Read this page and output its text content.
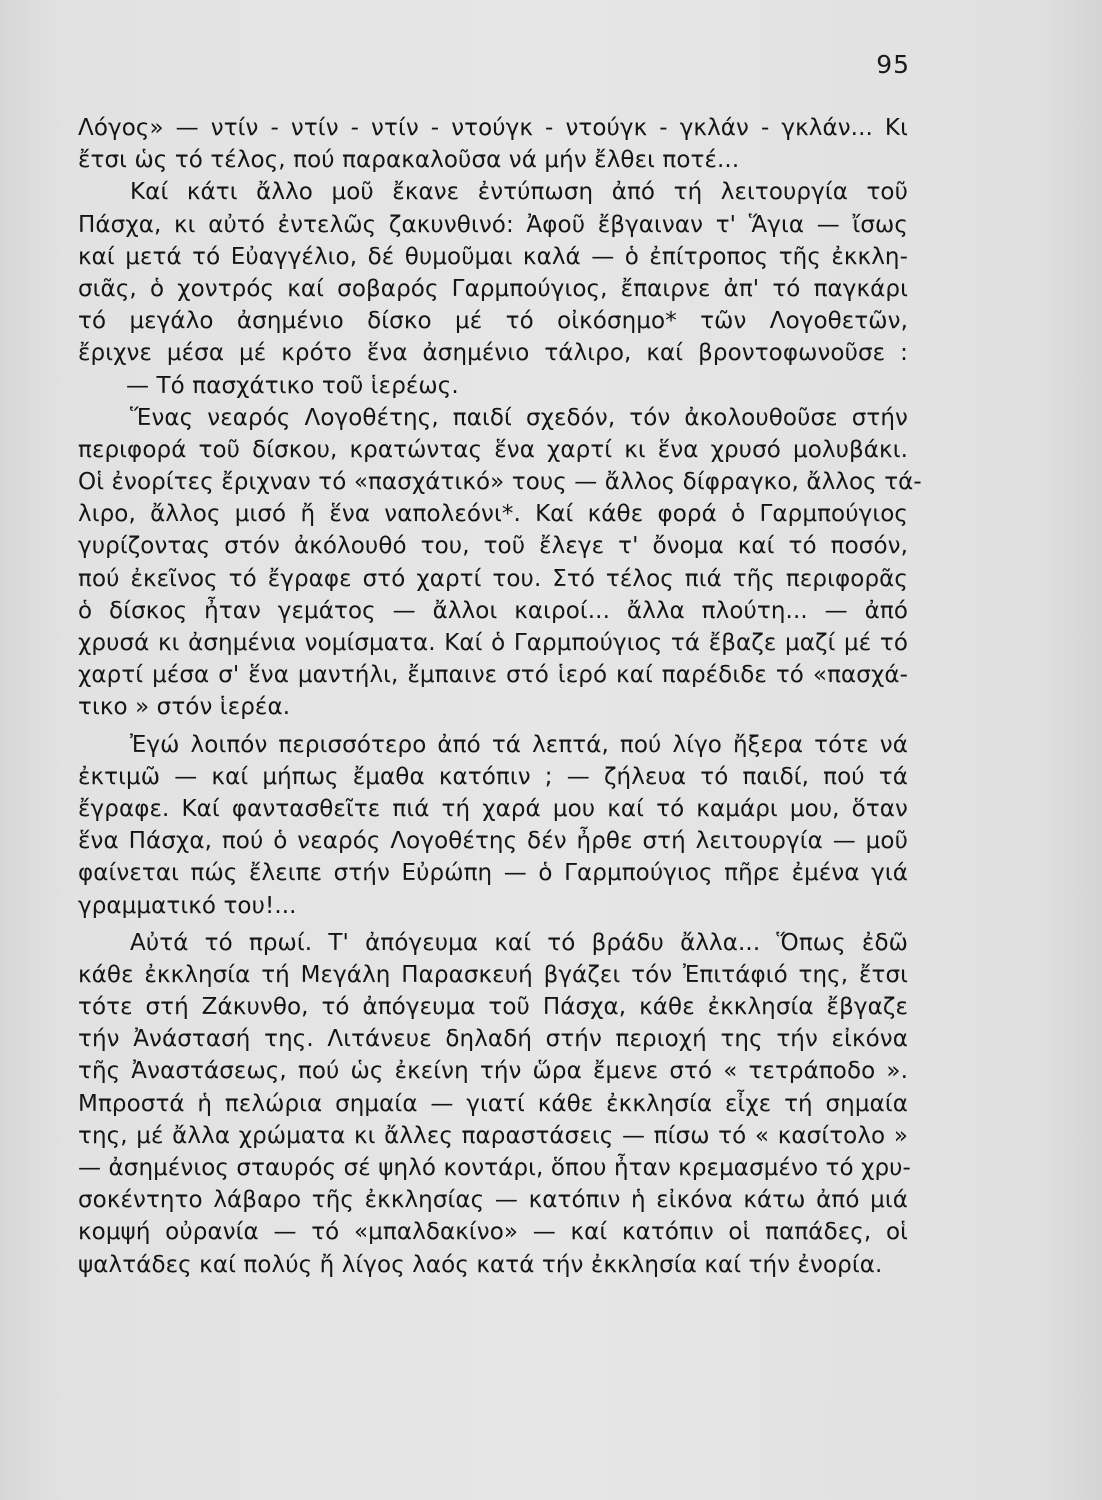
95
Λόγος» — ντίν - ντίν - ντίν - ντούγκ - ντούγκ - γκλάν - γκλάν... Κι
ἔτσι ὡς τό τέλος, πού παρακαλοῦσα νά μήν ἔλθει ποτέ...
Καί κάτι ἄλλο μοῦ ἔκανε ἐντύπωση ἀπό τή λειτουργία τοῦ
Πάσχα, κι αὐτό ἐντελῶς ζακυνθινό: Ἀφοῦ ἔβγαιναν τ' Ἅγια — ἴσως
καί μετά τό Εὐαγγέλιο, δέ θυμοῦμαι καλά — ὁ ἐπίτροπος τῆς ἐκκλη-
σιᾶς, ὁ χοντρός καί σοβαρός Γαρμπούγιος, ἔπαιρνε ἀπ' τό παγκάρι
τό μεγάλο ἀσημένιο δίσκο μέ τό οἰκόσημο* τῶν Λογοθετῶν,
ἔριχνε μέσα μέ κρότο ἕνα ἀσημένιο τάλιρο, καί βροντοφωνοῦσε :
— Τό πασχάτικο τοῦ ἱερέως.
Ἕνας νεαρός Λογοθέτης, παιδί σχεδόν, τόν ἀκολουθοῦσε στήν
περιφορά τοῦ δίσκου, κρατώντας ἕνα χαρτί κι ἕνα χρυσό μολυβάκι.
Οἱ ἐνορίτες ἔριχναν τό «πασχάτικό» τους — ἄλλος δίφραγκο, ἄλλος τά-
λιρο, ἄλλος μισό ἤ ἕνα ναπολεόνι*. Καί κάθε φορά ὁ Γαρμπούγιος
γυρίζοντας στόν ἀκόλουθό του, τοῦ ἔλεγε τ' ὄνομα καί τό ποσόν,
πού ἐκεῖνος τό ἔγραφε στό χαρτί του. Στό τέλος πιά τῆς περιφορᾶς
ὁ δίσκος ἦταν γεμάτος — ἄλλοι καιροί... ἄλλα πλούτη... — ἀπό
χρυσά κι ἀσημένια νομίσματα. Καί ὁ Γαρμπούγιος τά ἔβαζε μαζί μέ τό
χαρτί μέσα σ' ἕνα μαντήλι, ἔμπαινε στό ἱερό καί παρέδιδε τό «πασχά-
τικο » στόν ἱερέα.
Ἐγώ λοιπόν περισσότερο ἀπό τά λεπτά, πού λίγο ἤξερα τότε νά
ἐκτιμῶ — καί μήπως ἔμαθα κατόπιν ; — ζήλευα τό παιδί, πού τά
ἔγραφε. Καί φαντασθεῖτε πιά τή χαρά μου καί τό καμάρι μου, ὅταν
ἕνα Πάσχα, πού ὁ νεαρός Λογοθέτης δέν ἦρθε στή λειτουργία — μοῦ
φαίνεται πώς ἔλειπε στήν Εὐρώπη — ὁ Γαρμπούγιος πῆρε ἐμένα γιά
γραμματικό του!...
Αὐτά τό πρωί. Τ' ἀπόγευμα καί τό βράδυ ἄλλα... Ὅπως ἐδῶ
κάθε ἐκκλησία τή Μεγάλη Παρασκευή βγάζει τόν Ἐπιτάφιό της, ἔτσι
τότε στή Ζάκυνθο, τό ἀπόγευμα τοῦ Πάσχα, κάθε ἐκκλησία ἔβγαζε
τήν Ἀνάστασή της. Λιτάνευε δηλαδή στήν περιοχή της τήν εἰκόνα
τῆς Ἀναστάσεως, πού ὡς ἐκείνη τήν ὥρα ἔμενε στό « τετράποδο ».
Μπροστά ἡ πελώρια σημαία — γιατί κάθε ἐκκλησία εἶχε τή σημαία
της, μέ ἄλλα χρώματα κι ἄλλες παραστάσεις — πίσω τό « κασίτολο »
— ἀσημένιος σταυρός σέ ψηλό κοντάρι, ὅπου ἦταν κρεμασμένο τό χρυ-
σοκέντητο λάβαρο τῆς ἐκκλησίας — κατόπιν ἡ εἰκόνα κάτω ἀπό μιά
κομψή οὐρανία — τό «μπαλδακίνο» — καί κατόπιν οἱ παπάδες, οἱ
ψαλτάδες καί πολύς ἤ λίγος λαός κατά τήν ἐκκλησία καί τήν ἐνορία.
